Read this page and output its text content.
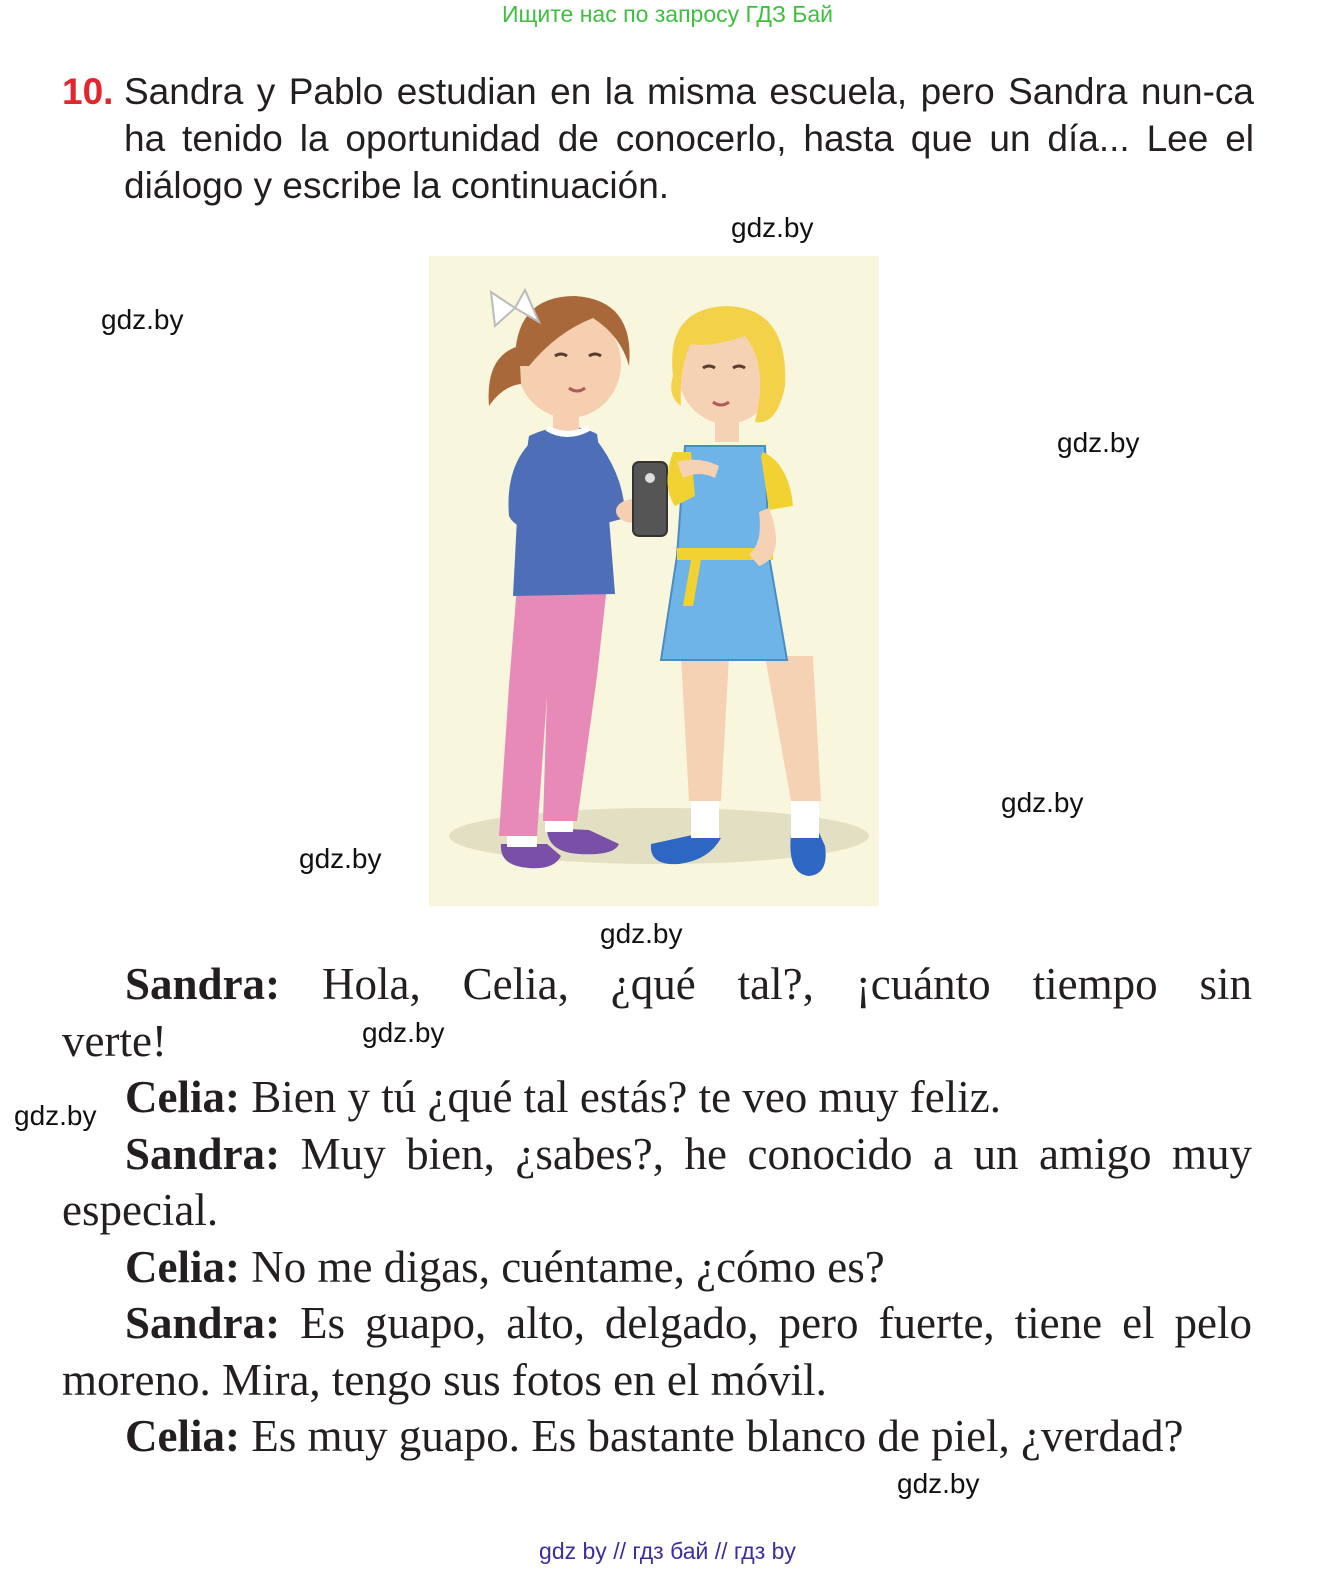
Ищите нас по запросу ГДЗ Бай
10. Sandra y Pablo estudian en la misma escuela, pero Sandra nun-ca ha tenido la oportunidad de conocerlo, hasta que un día... Lee el diálogo y escribe la continuación.
gdz.by
gdz.by
gdz.by
gdz.by
gdz.by
gdz.by
gdz.by
gdz.by
gdz.by

Sandra: Hola, Celia, ¿qué tal?, ¡cuánto tiempo sin

verte!

Celia: Bien y tú ¿qué tal estás? te veo muy feliz.

Sandra: Muy bien, ¿sabes?, he conocido a un amigo muy especial.

Celia: No me digas, cuéntame, ¿cómo es?

Sandra: Es guapo, alto, delgado, pero fuerte, tiene el pelo moreno. Mira, tengo sus fotos en el móvil.

Celia: Es muy guapo. Es bastante blanco de piel, ¿verdad?

gdz by // гдз бай // гдз by
